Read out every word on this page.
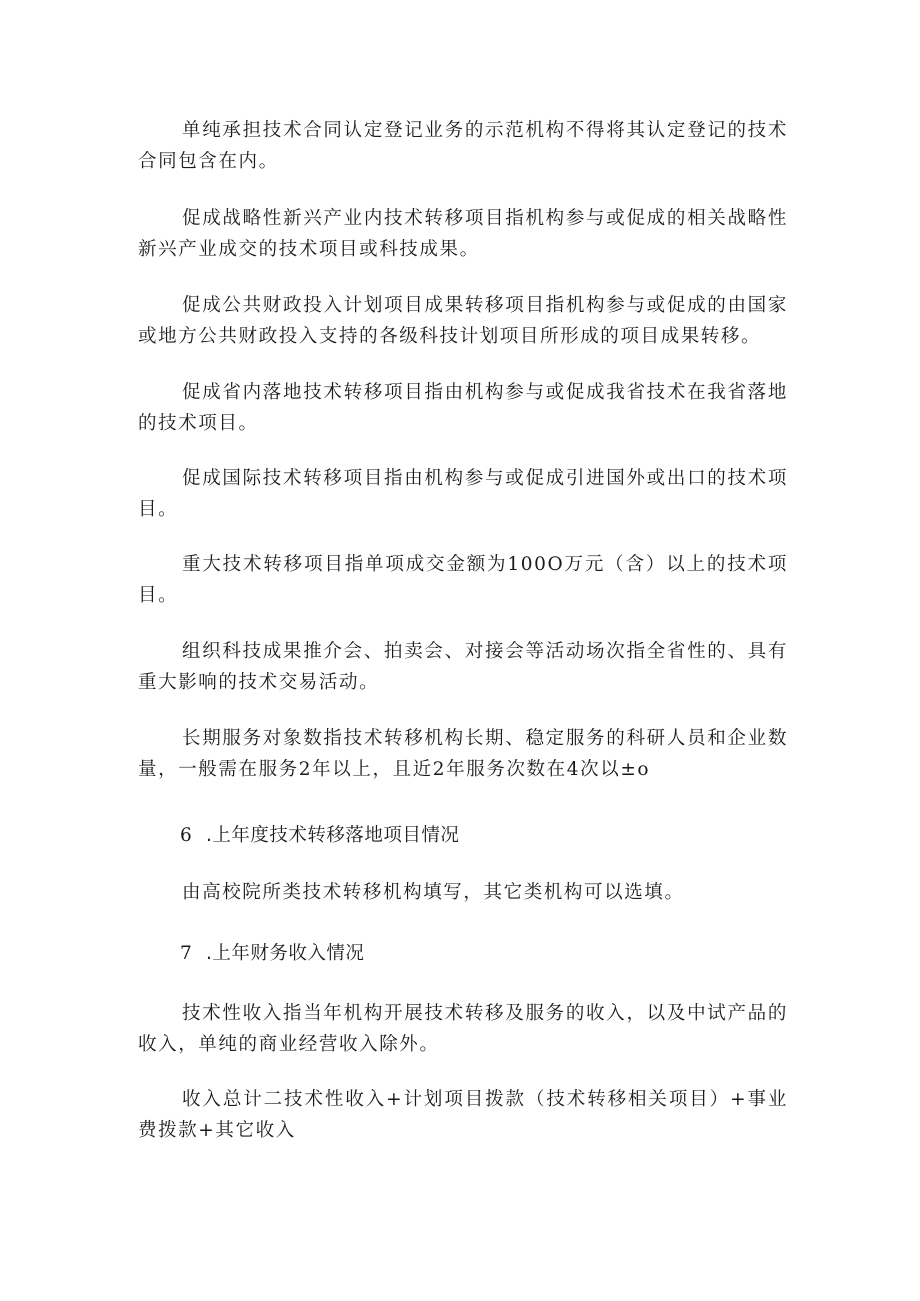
单纯承担技术合同认定登记业务的示范机构不得将其认定登记的技术合同包含在内。

促成战略性新兴产业内技术转移项目指机构参与或促成的相关战略性新兴产业成交的技术项目或科技成果。

促成公共财政投入计划项目成果转移项目指机构参与或促成的由国家或地方公共财政投入支持的各级科技计划项目所形成的项目成果转移。

促成省内落地技术转移项目指由机构参与或促成我省技术在我省落地的技术项目。

促成国际技术转移项目指由机构参与或促成引进国外或出口的技术项目。

重大技术转移项目指单项成交金额为100O万元（含）以上的技术项目。

组织科技成果推介会、拍卖会、对接会等活动场次指全省性的、具有重大影响的技术交易活动。

长期服务对象数指技术转移机构长期、稳定服务的科研人员和企业数量，一般需在服务2年以上，且近2年服务次数在4次以±o

6 .上年度技术转移落地项目情况

由高校院所类技术转移机构填写，其它类机构可以选填。

7 .上年财务收入情况

技术性收入指当年机构开展技术转移及服务的收入，以及中试产品的收入，单纯的商业经营收入除外。

收入总计二技术性收入+计划项目拨款（技术转移相关项目）+事业费拨款+其它收入
